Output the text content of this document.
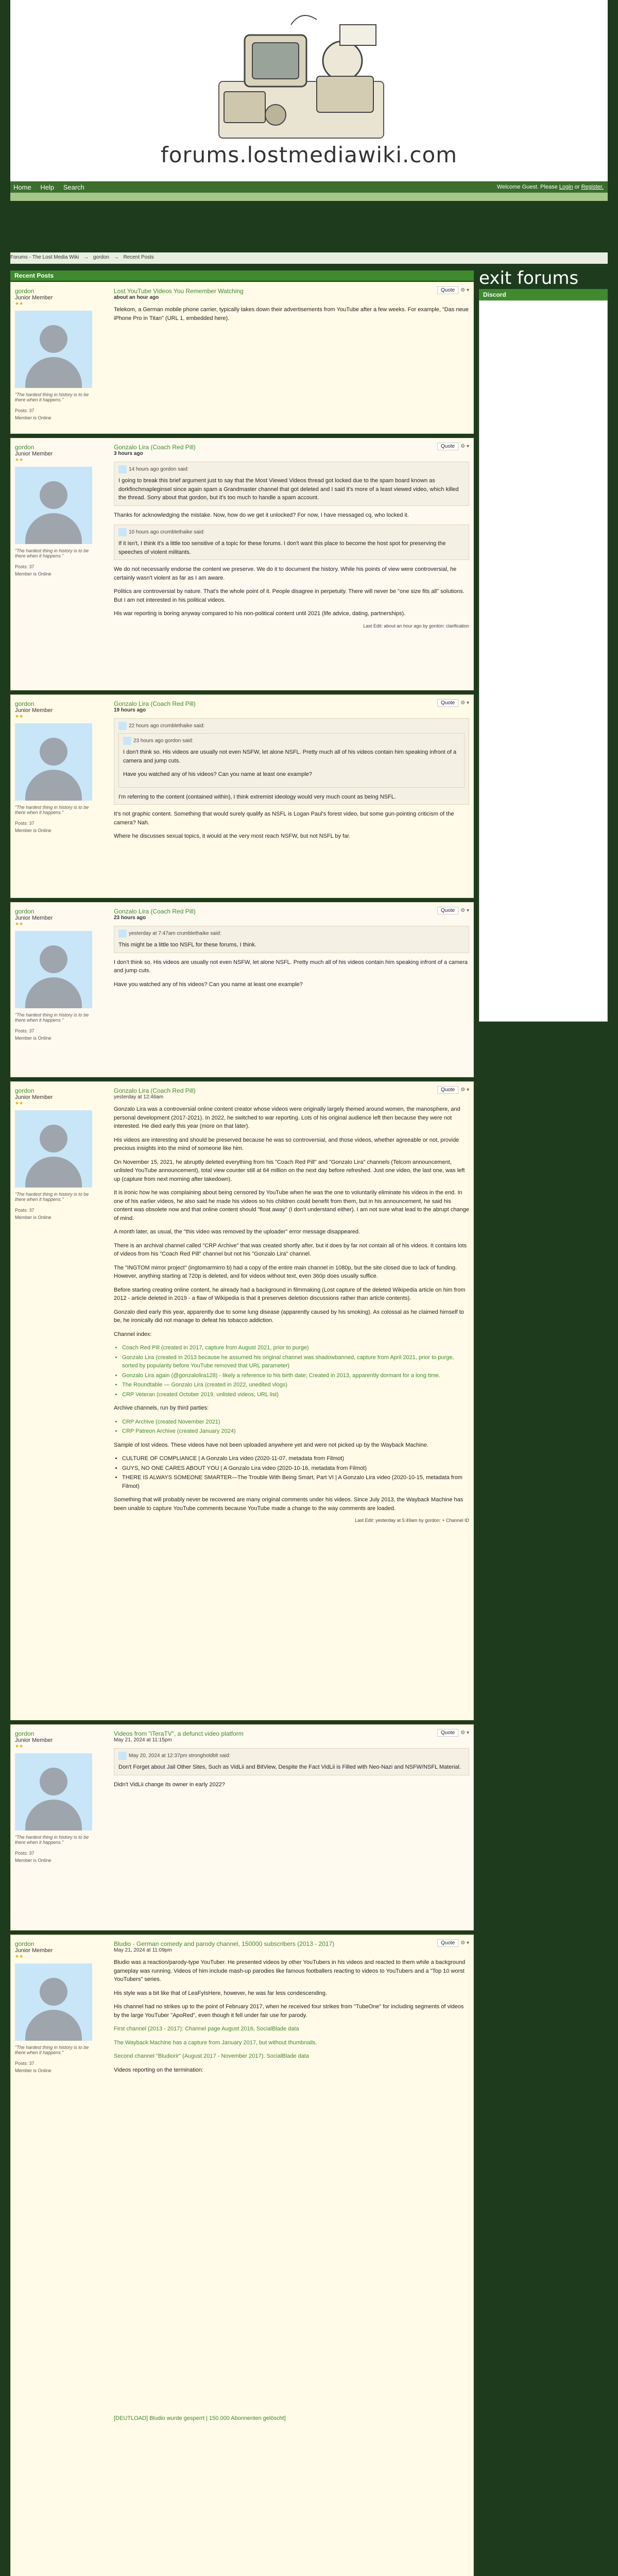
forums.lostmediawiki.com
Home Help Search	Welcome Guest. Please Login or Register.
Forums - The Lost Media Wiki → gordon → Recent Posts
Recent Posts	exit forums
Discord
gordon
Junior Member
★★
"The hardest thing in history is to be there when it happens."
Posts: 37
Member is Online
Quote ⚙ ▾
Lost YouTube Videos You Remember Watching
about an hour ago

Telekom, a German mobile phone carrier, typically takes down their advertisements from YouTube after a few weeks. For example, "Das neue iPhone Pro in Titan" (URL 1, embedded here).

gordon
Junior Member
★★
"The hardest thing in history is to be there when it happens."
Posts: 37
Member is Online
Quote ⚙ ▾
Gonzalo Lira (Coach Red Pill)
3 hours ago
14 hours ago gordon said:
I going to break this brief argument just to say that the Most Viewed Videos thread got locked due to the spam board known as dorkfinchmapleginsel since again spam a Grandmaster channel that got deleted and I said it's more of a least viewed video, which killed the thread. Sorry about that gordon, but it's too much to handle a spam account.

Thanks for acknowledging the mistake. Now, how do we get it unlocked? For now, I have messaged cq, who locked it.

10 hours ago crumblethaike said:
If it isn't, I think it's a little too sensitive of a topic for these forums. I don't want this place to become the host spot for preserving the speeches of violent militants.

We do not necessarily endorse the content we preserve. We do it to document the history. While his points of view were controversial, he certainly wasn't violent as far as I am aware.

Politics are controversial by nature. That's the whole point of it. People disagree in perpetuity. There will never be "one size fits all" solutions. But I am not interested in his political videos.

His war reporting is boring anyway compared to his non-political content until 2021 (life advice, dating, partnerships).

Last Edit: about an hour ago by gordon: clarification
gordon
Junior Member
★★
"The hardest thing in history is to be there when it happens."
Posts: 37
Member is Online
Quote ⚙ ▾
Gonzalo Lira (Coach Red Pill)
19 hours ago
22 hours ago crumblethaike said:
23 hours ago gordon said:

I don't think so. His videos are usually not even NSFW, let alone NSFL. Pretty much all of his videos contain him speaking infront of a camera and jump cuts.

Have you watched any of his videos? Can you name at least one example?

I'm referring to the content (contained within), I think extremist ideology would very much count as being NSFL.

It's not graphic content. Something that would surely qualify as NSFL is Logan Paul's forest video, but some gun-pointing criticism of the camera? Nah.

Where he discusses sexual topics, it would at the very most reach NSFW, but not NSFL by far.

gordon
Junior Member
★★
"The hardest thing in history is to be there when it happens."
Posts: 37
Member is Online
Quote ⚙ ▾
Gonzalo Lira (Coach Red Pill)
23 hours ago
yesterday at 7:47am crumblethaike said:
This might be a little too NSFL for these forums, I think.

I don't think so. His videos are usually not even NSFW, let alone NSFL. Pretty much all of his videos contain him speaking infront of a camera and jump cuts.

Have you watched any of his videos? Can you name at least one example?

gordon
Junior Member
★★
"The hardest thing in history is to be there when it happens."
Posts: 37
Member is Online
Quote ⚙ ▾
Gonzalo Lira (Coach Red Pill)
yesterday at 12:46am

Gonzalo Lira was a controversial online content creator whose videos were originally largely themed around women, the manosphere, and personal development (2017-2021). In 2022, he switched to war reporting. Lots of his original audience left then because they were not interested. He died early this year (more on that later).

His videos are interesting and should be preserved because he was so controversial, and those videos, whether agreeable or not, provide precious insights into the mind of someone like him.

On November 15, 2021, he abruptly deleted everything from his "Coach Red Pill" and "Gonzalo Lira" channels (Telcom announcement, unlisted YouTube announcement), total view counter still at 64 million on the next day before refreshed. Just one video, the last one, was left up (capture from next morning after takedown).

It is ironic how he was complaining about being censored by YouTube when he was the one to voluntarily eliminate his videos in the end. In one of his earlier videos, he also said he made his videos so his children could benefit from them, but in his announcement, he said his content was obsolete now and that online content should "float away" (I don't understand either). I am not sure what lead to the abrupt change of mind.

A month later, as usual, the "this video was removed by the uploader" error message disappeared.

There is an archival channel called "CRP Archive" that was created shortly after, but it does by far not contain all of his videos. It contains lots of videos from his "Coach Red Pill" channel but not his "Gonzalo Lira" channel.

The "INGTOM mirror project" (ingtomarmirro b) had a copy of the entire main channel in 1080p, but the site closed due to lack of funding. However, anything starting at 720p is deleted, and for videos without text, even 360p does usually suffice.

Before starting creating online content, he already had a background in filmmaking (Lost capture of the deleted Wikipedia article on him from 2012 - article deleted in 2019 - a flaw of Wikipedia is that it preserves deletion discussions rather than article contents).

Gonzalo died early this year, apparently due to some lung disease (apparently caused by his smoking). As colossal as he claimed himself to be, he ironically did not manage to defeat his tobacco addiction.

Channel index:

• Coach Red Pill (created in 2017, capture from August 2021, prior to purge)
• Gonzalo Lira (created in 2013 because he assumed his original channel was shadowbanned, capture from April 2021, prior to purge, sorted by popularity before YouTube removed that URL parameter)
• Gonzalo Lira again (@gonzalolira128) - likely a reference to his birth date; Created in 2013, apparently dormant for a long time.
• The Roundtable — Gonzalo Lira (created in 2022, unedited vlogs)
• CRP Veteran (created October 2019, unlisted videos, URL list)

Archive channels, run by third parties:

• CRP Archive (created November 2021)
• CRP Patreon Archive (created January 2024)

Sample of lost videos. These videos have not been uploaded anywhere yet and were not picked up by the Wayback Machine.

• CULTURE OF COMPLIANCE | A Gonzalo Lira video (2020-11-07, metadata from Filmot)
• GUYS, NO ONE CARES ABOUT YOU | A Gonzalo Lira video (2020-10-16, metadata from Filmot)
• THERE IS ALWAYS SOMEONE SMARTER—The Trouble With Being Smart, Part VI | A Gonzalo Lira video (2020-10-15, metadata from Filmot)

Something that will probably never be recovered are many original comments under his videos. Since July 2013, the Wayback Machine has been unable to capture YouTube comments because YouTube made a change to the way comments are loaded.

Last Edit: yesterday at 5:49am by gordon: + Channel ID
gordon
Junior Member
★★
"The hardest thing in history is to be there when it happens."
Posts: 37
Member is Online
Quote ⚙ ▾
Videos from "iTeraTV", a defunct video platform
May 21, 2024 at 11:15pm
May 20, 2024 at 12:37pm strongholdblt said:
Don't Forget about Jail Other Sites, Such as VidLii and BitView, Despite the Fact VidLii is Filled with Neo-Nazi and NSFW/NSFL Material.

Didn't VidLii change its owner in early 2022?

gordon
Junior Member
★★
"The hardest thing in history is to be there when it happens."
Posts: 37
Member is Online
Quote ⚙ ▾
Bludio - German comedy and parody channel, 150000 subscribers (2013 - 2017)
May 21, 2024 at 11:09pm

Bludio was a reaction/parody-type YouTuber. He presented videos by other YouTubers in his videos and reacted to them while a background gameplay was running. Videos of him include mash-up parodies like famous footballers reacting to videos to YouTubers and a "Top 10 worst YouTubers" series.

His style was a bit like that of LeaFyIsHere, however, he was far less condescending.

His channel had no strikes up to the point of February 2017, when he received four strikes from "TubeOne" for including segments of videos by the large YouTuber "ApoRed", even though it fell under fair use for parody.

First channel (2013 - 2017): Channel page August 2016, SocialBlade data

The Wayback Machine has a capture from January 2017, but without thumbnails.

Second channel "Bludiorir" (August 2017 - November 2017): SocialBlade data

Videos reporting on the termination:

[DEUTLOAD] Bludio wurde gesperrt | 150.000 Abonnenten gelöscht]
